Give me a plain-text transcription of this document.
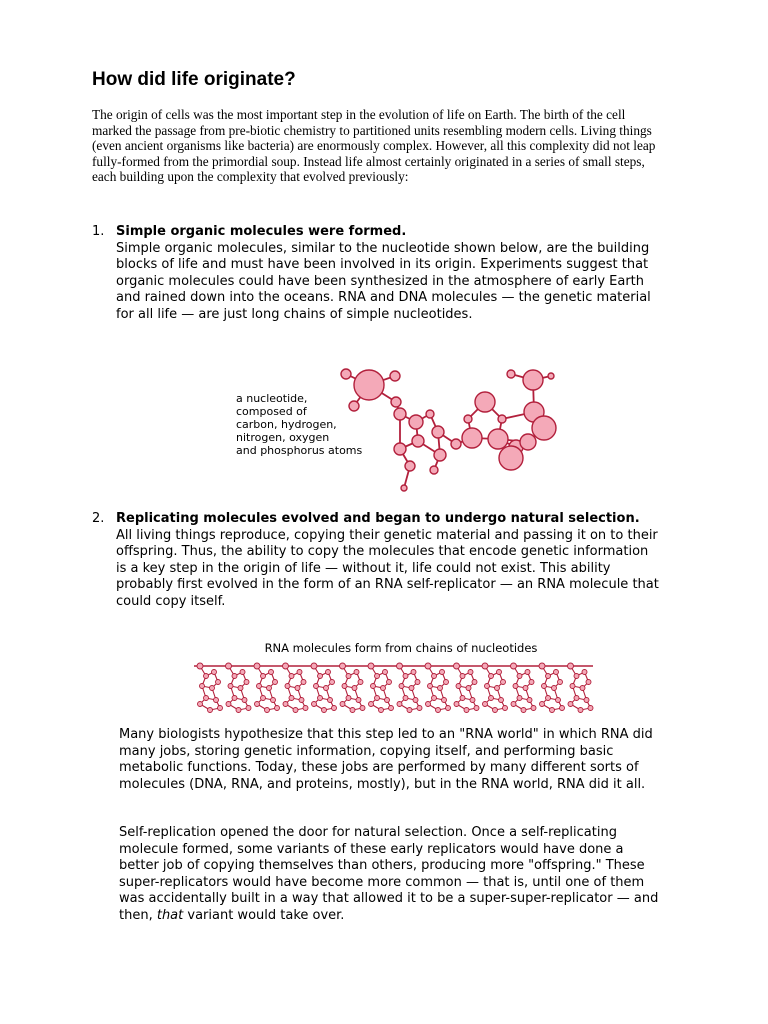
How did life originate?

The origin of cells was the most important step in the evolution of life on Earth. The birth of the cell marked the passage from pre-biotic chemistry to partitioned units resembling modern cells. Living things (even ancient organisms like bacteria) are enormously complex. However, all this complexity did not leap fully-formed from the primordial soup. Instead life almost certainly originated in a series of small steps, each building upon the complexity that evolved previously:

1. Simple organic molecules were formed.

Simple organic molecules, similar to the nucleotide shown below, are the building blocks of life and must have been involved in its origin. Experiments suggest that organic molecules could have been synthesized in the atmosphere of early Earth and rained down into the oceans. RNA and DNA molecules — the genetic material for all life — are just long chains of simple nucleotides.

a nucleotide,
composed of
carbon, hydrogen,
nitrogen, oxygen
and phosphorus atoms
2. Replicating molecules evolved and began to undergo natural selection.

All living things reproduce, copying their genetic material and passing it on to their offspring. Thus, the ability to copy the molecules that encode genetic information is a key step in the origin of life — without it, life could not exist. This ability probably first evolved in the form of an RNA self-replicator — an RNA molecule that could copy itself.

RNA molecules form from chains of nucleotides

Many biologists hypothesize that this step led to an "RNA world" in which RNA did many jobs, storing genetic information, copying itself, and performing basic metabolic functions. Today, these jobs are performed by many different sorts of molecules (DNA, RNA, and proteins, mostly), but in the RNA world, RNA did it all.

Self-replication opened the door for natural selection. Once a self-replicating molecule formed, some variants of these early replicators would have done a better job of copying themselves than others, producing more "offspring." These super-replicators would have become more common — that is, until one of them was accidentally built in a way that allowed it to be a super-super-replicator — and then, that variant would take over.
